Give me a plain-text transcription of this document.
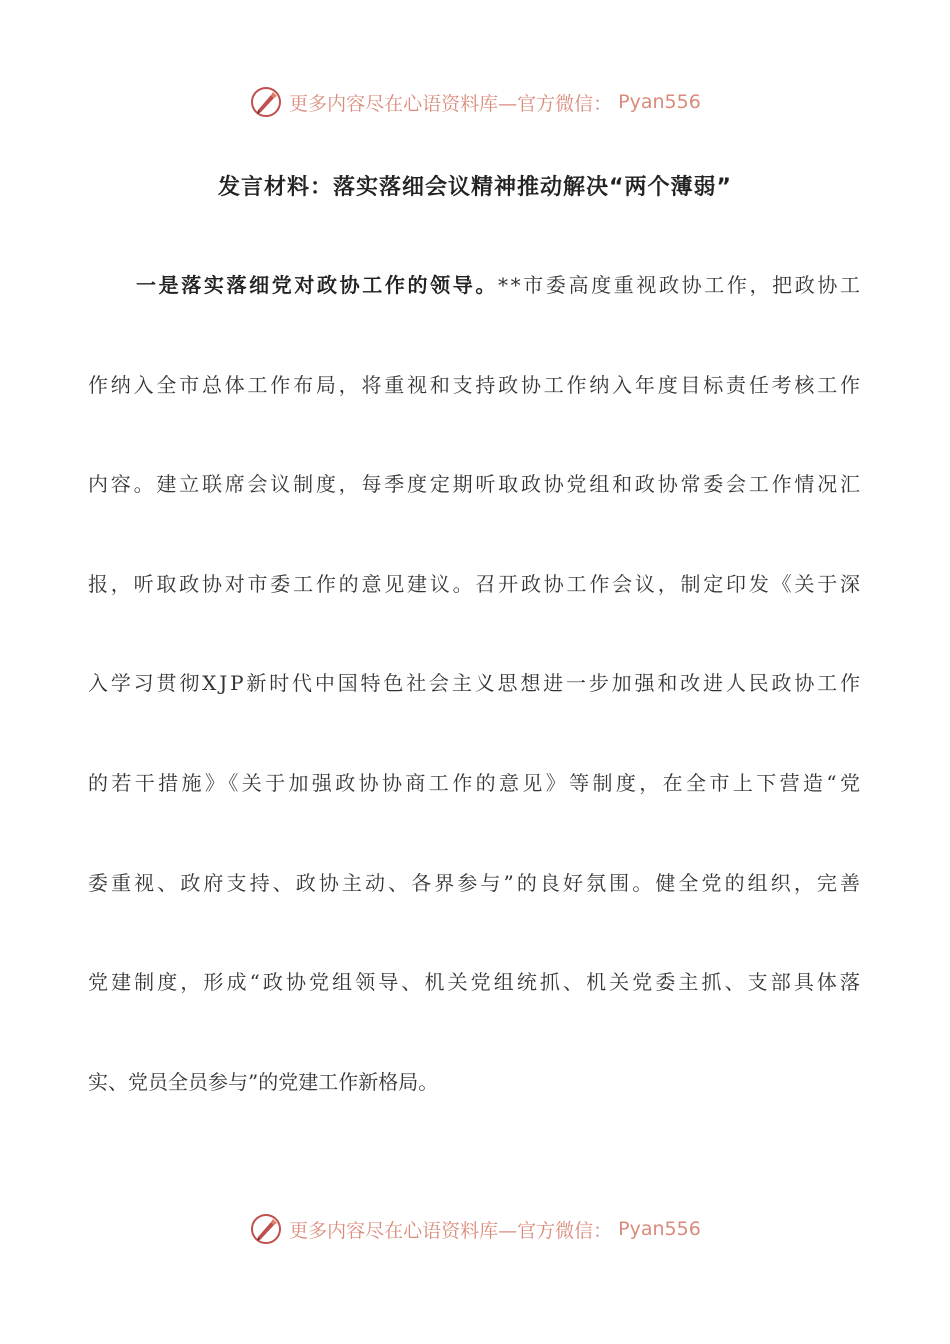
更多内容尽在心语资料库—官方微信： Pyan556
发言材料：落实落细会议精神推动解决“两个薄弱”
一是落实落细党对政协工作的领导。 **市委高度重视政协工作，把政协工
作纳入全市总体工作布局，将重视和支持政协工作纳入年度目标责任考核工作
内容。建立联席会议制度，每季度定期听取政协党组和政协常委会工作情况汇
报，听取政协对市委工作的意见建议。召开政协工作会议，制定印发《关于深
入学习贯彻XJP新时代中国特色社会主义思想进一步加强和改进人民政协工作
的若干措施》《关于加强政协协商工作的意见》等制度，在全市上下营造“党
委重视、政府支持、政协主动、各界参与”的良好氛围。健全党的组织，完善
党建制度，形成“政协党组领导、机关党组统抓、机关党委主抓、支部具体落
实、党员全员参与”的党建工作新格局。
更多内容尽在心语资料库—官方微信： Pyan556
